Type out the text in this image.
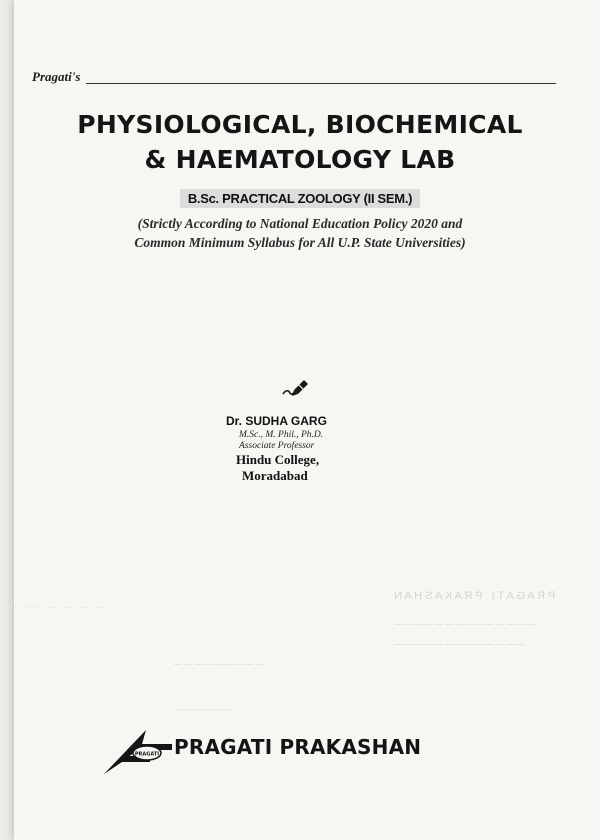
P R A G A T I   P R A K A S H A N
· · · · · · · · · · · · · · · · · ·
— — — — — — — — — — — — — —
— — — — — — — — — — — — —
— — — — — — — — —
— — — — — —
Pragati's
PHYSIOLOGICAL, BIOCHEMICAL
& HAEMATOLOGY LAB
B.Sc. PRACTICAL ZOOLOGY (II SEM.)
(Strictly According to National Education Policy 2020 and
Common Minimum Syllabus for All U.P. State Universities)
Dr. SUDHA GARG
M.Sc., M. Phil., Ph.D.
Associate Professor
Hindu College,
Moradabad
PRAGATI PRAGATI PRAKASHAN
